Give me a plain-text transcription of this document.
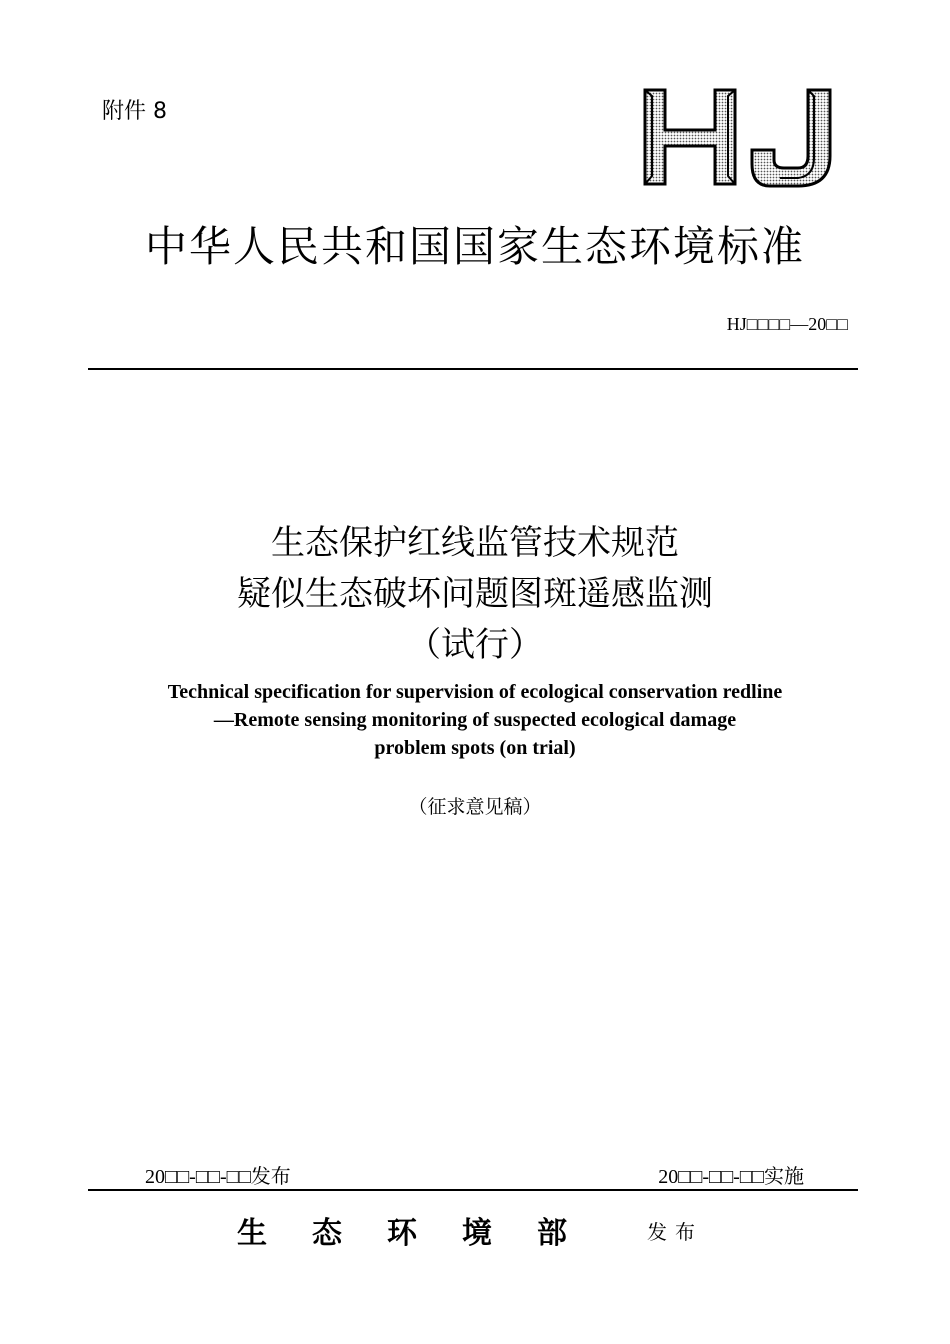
附件 8
中华人民共和国国家生态环境标准
HJ□□□□—20□□
生态保护红线监管技术规范
疑似生态破坏问题图斑遥感监测
（试行）
Technical specification for supervision of ecological conservation redline
—Remote sensing monitoring of suspected ecological damage
problem spots (on trial)
（征求意见稿）
20□□-□□-□□发布	20□□-□□-□□实施
生态环境部 发布
